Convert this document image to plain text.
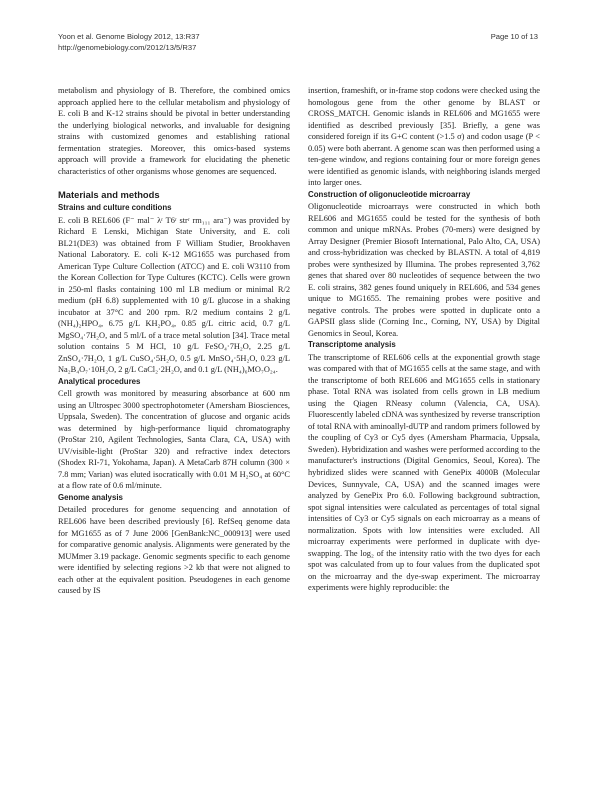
Yoon et al. Genome Biology 2012, 13:R37
http://genomebiology.com/2012/13/5/R37
Page 10 of 13

metabolism and physiology of B. Therefore, the combined omics approach applied here to the cellular metabolism and physiology of E. coli B and K-12 strains should be pivotal in better understanding the underlying biological networks, and invaluable for designing strains with customized genomes and establishing rational fermentation strategies. Moreover, this omics-based systems approach will provide a framework for elucidating the phenetic characteristics of other organisms whose genomes are sequenced.

Materials and methods
Strains and culture conditions

E. coli B REL606 (F⁻ mal⁻ λʳ T6ʳ strʳ rm₁₁₁ ara⁻) was provided by Richard E Lenski, Michigan State University, and E. coli BL21(DE3) was obtained from F William Studier, Brookhaven National Laboratory. E. coli K-12 MG1655 was purchased from American Type Culture Collection (ATCC) and E. coli W3110 from the Korean Collection for Type Cultures (KCTC). Cells were grown in 250-ml flasks containing 100 ml LB medium or minimal R/2 medium (pH 6.8) supplemented with 10 g/L glucose in a shaking incubator at 37°C and 200 rpm. R/2 medium contains 2 g/L (NH₄)₂HPO₄, 6.75 g/L KH₂PO₄, 0.85 g/L citric acid, 0.7 g/L MgSO₄·7H₂O, and 5 ml/L of a trace metal solution [34]. Trace metal solution contains 5 M HCl, 10 g/L FeSO₄·7H₂O, 2.25 g/L ZnSO₄·7H₂O, 1 g/L CuSO₄·5H₂O, 0.5 g/L MnSO₄·5H₂O, 0.23 g/L Na₂B₄O₇·10H₂O, 2 g/L CaCl₂·2H₂O, and 0.1 g/L (NH₄)₆MO₇O₂₄.

Analytical procedures

Cell growth was monitored by measuring absorbance at 600 nm using an Ultrospec 3000 spectrophotometer (Amersham Biosciences, Uppsala, Sweden). The concentration of glucose and organic acids was determined by high-performance liquid chromatography (ProStar 210, Agilent Technologies, Santa Clara, CA, USA) with UV/visible-light (ProStar 320) and refractive index detectors (Shodex RI-71, Yokohama, Japan). A MetaCarb 87H column (300 × 7.8 mm; Varian) was eluted isocratically with 0.01 M H₂SO₄ at 60°C at a flow rate of 0.6 ml/minute.

Genome analysis

Detailed procedures for genome sequencing and annotation of REL606 have been described previously [6]. RefSeq genome data for MG1655 as of 7 June 2006 [GenBank:NC_000913] were used for comparative genomic analysis. Alignments were generated by the MUMmer 3.19 package. Genomic segments specific to each genome were identified by selecting regions >2 kb that were not aligned to each other at the equivalent position. Pseudogenes in each genome caused by IS

insertion, frameshift, or in-frame stop codons were checked using the homologous gene from the other genome by BLAST or CROSS_MATCH. Genomic islands in REL606 and MG1655 were identified as described previously [35]. Briefly, a gene was considered foreign if its G+C content (>1.5 σ) and codon usage (P < 0.05) were both aberrant. A genome scan was then performed using a ten-gene window, and regions containing four or more foreign genes were identified as genomic islands, with neighboring islands merged into larger ones.

Construction of oligonucleotide microarray

Oligonucleotide microarrays were constructed in which both REL606 and MG1655 could be tested for the synthesis of both common and unique mRNAs. Probes (70-mers) were designed by Array Designer (Premier Biosoft International, Palo Alto, CA, USA) and cross-hybridization was checked by BLASTN. A total of 4,819 probes were synthesized by Illumina. The probes represented 3,762 genes that shared over 80 nucleotides of sequence between the two E. coli strains, 382 genes found uniquely in REL606, and 534 genes unique to MG1655. The remaining probes were positive and negative controls. The probes were spotted in duplicate onto a GAPSII glass slide (Corning Inc., Corning, NY, USA) by Digital Genomics in Seoul, Korea.

Transcriptome analysis

The transcriptome of REL606 cells at the exponential growth stage was compared with that of MG1655 cells at the same stage, and with the transcriptome of both REL606 and MG1655 cells in stationary phase. Total RNA was isolated from cells grown in LB medium using the Qiagen RNeasy column (Valencia, CA, USA). Fluorescently labeled cDNA was synthesized by reverse transcription of total RNA with aminoallyl-dUTP and random primers followed by the coupling of Cy3 or Cy5 dyes (Amersham Pharmacia, Uppsala, Sweden). Hybridization and washes were performed according to the manufacturer's instructions (Digital Genomics, Seoul, Korea). The hybridized slides were scanned with GenePix 4000B (Molecular Devices, Sunnyvale, CA, USA) and the scanned images were analyzed by GenePix Pro 6.0. Following background subtraction, spot signal intensities were calculated as percentages of total signal intensities of Cy3 or Cy5 signals on each microarray as a means of normalization. Spots with low intensities were excluded. All microarray experiments were performed in duplicate with dye-swapping. The log₂ of the intensity ratio with the two dyes for each spot was calculated from up to four values from the duplicated spot on the microarray and the dye-swap experiment. The microarray experiments were highly reproducible: the
